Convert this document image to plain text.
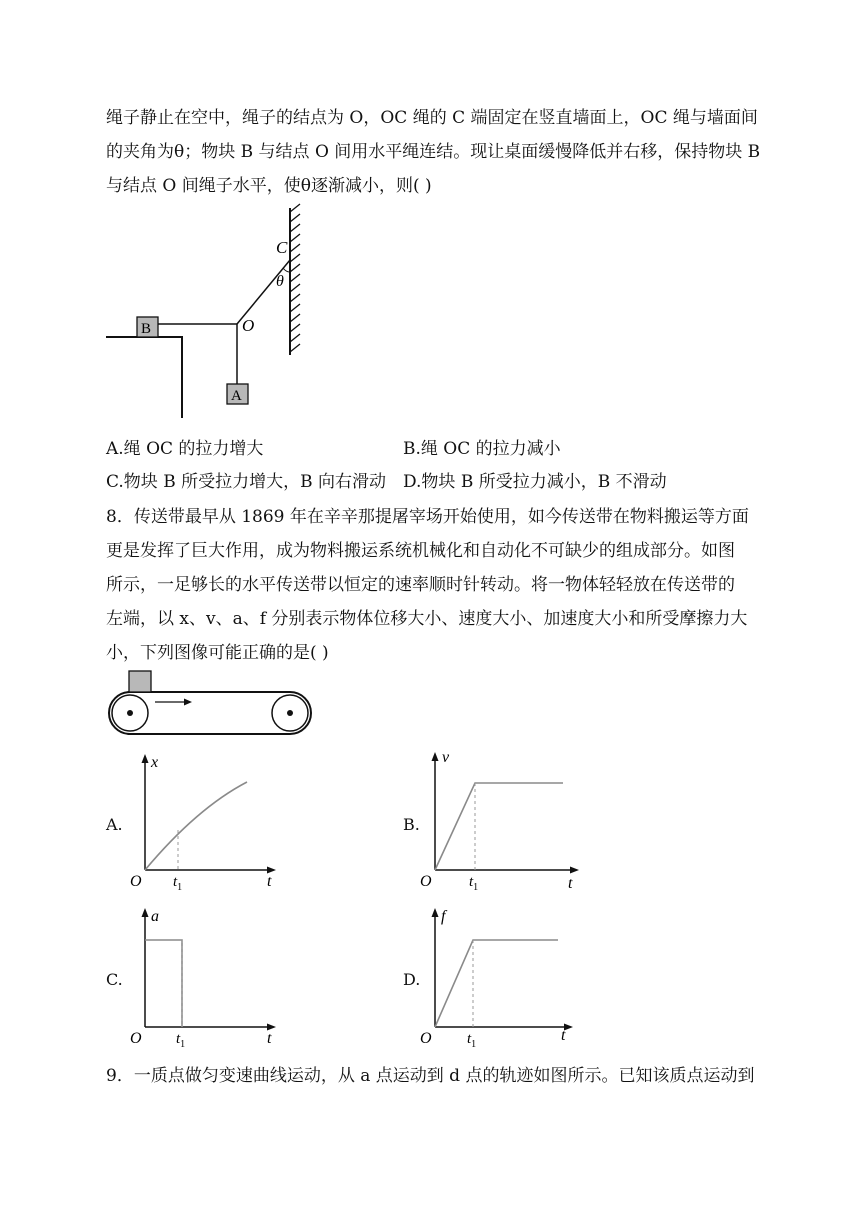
绳子静止在空中，绳子的结点为 O，OC 绳的 C 端固定在竖直墙面上，OC 绳与墙面间
的夹角为θ；物块 B 与结点 O 间用水平绳连结。现让桌面缓慢降低并右移，保持物块 B
与结点 O 间绳子水平，使θ逐渐减小，则( )
B
A
C
θ
O
A.绳 OC 的拉力增大	B.绳 OC 的拉力减小
C.物块 B 所受拉力增大，B 向右滑动 D.物块 B 所受拉力减小，B 不滑动
8．传送带最早从 1869 年在辛辛那提屠宰场开始使用，如今传送带在物料搬运等方面
更是发挥了巨大作用，成为物料搬运系统机械化和自动化不可缺少的组成部分。如图
所示，一足够长的水平传送带以恒定的速率顺时针转动。将一物体轻轻放在传送带的
左端，以 x、v、a、f 分别表示物体位移大小、速度大小、加速度大小和所受摩擦力大
小，下列图像可能正确的是( )
A.
x
O $t_1$	t
B.
v
O $t_1$	t
C.
a
O $t_1$	t
D.
f
O $t_1$
t
9．一质点做匀变速曲线运动，从 a 点运动到 d 点的轨迹如图所示。已知该质点运动到
